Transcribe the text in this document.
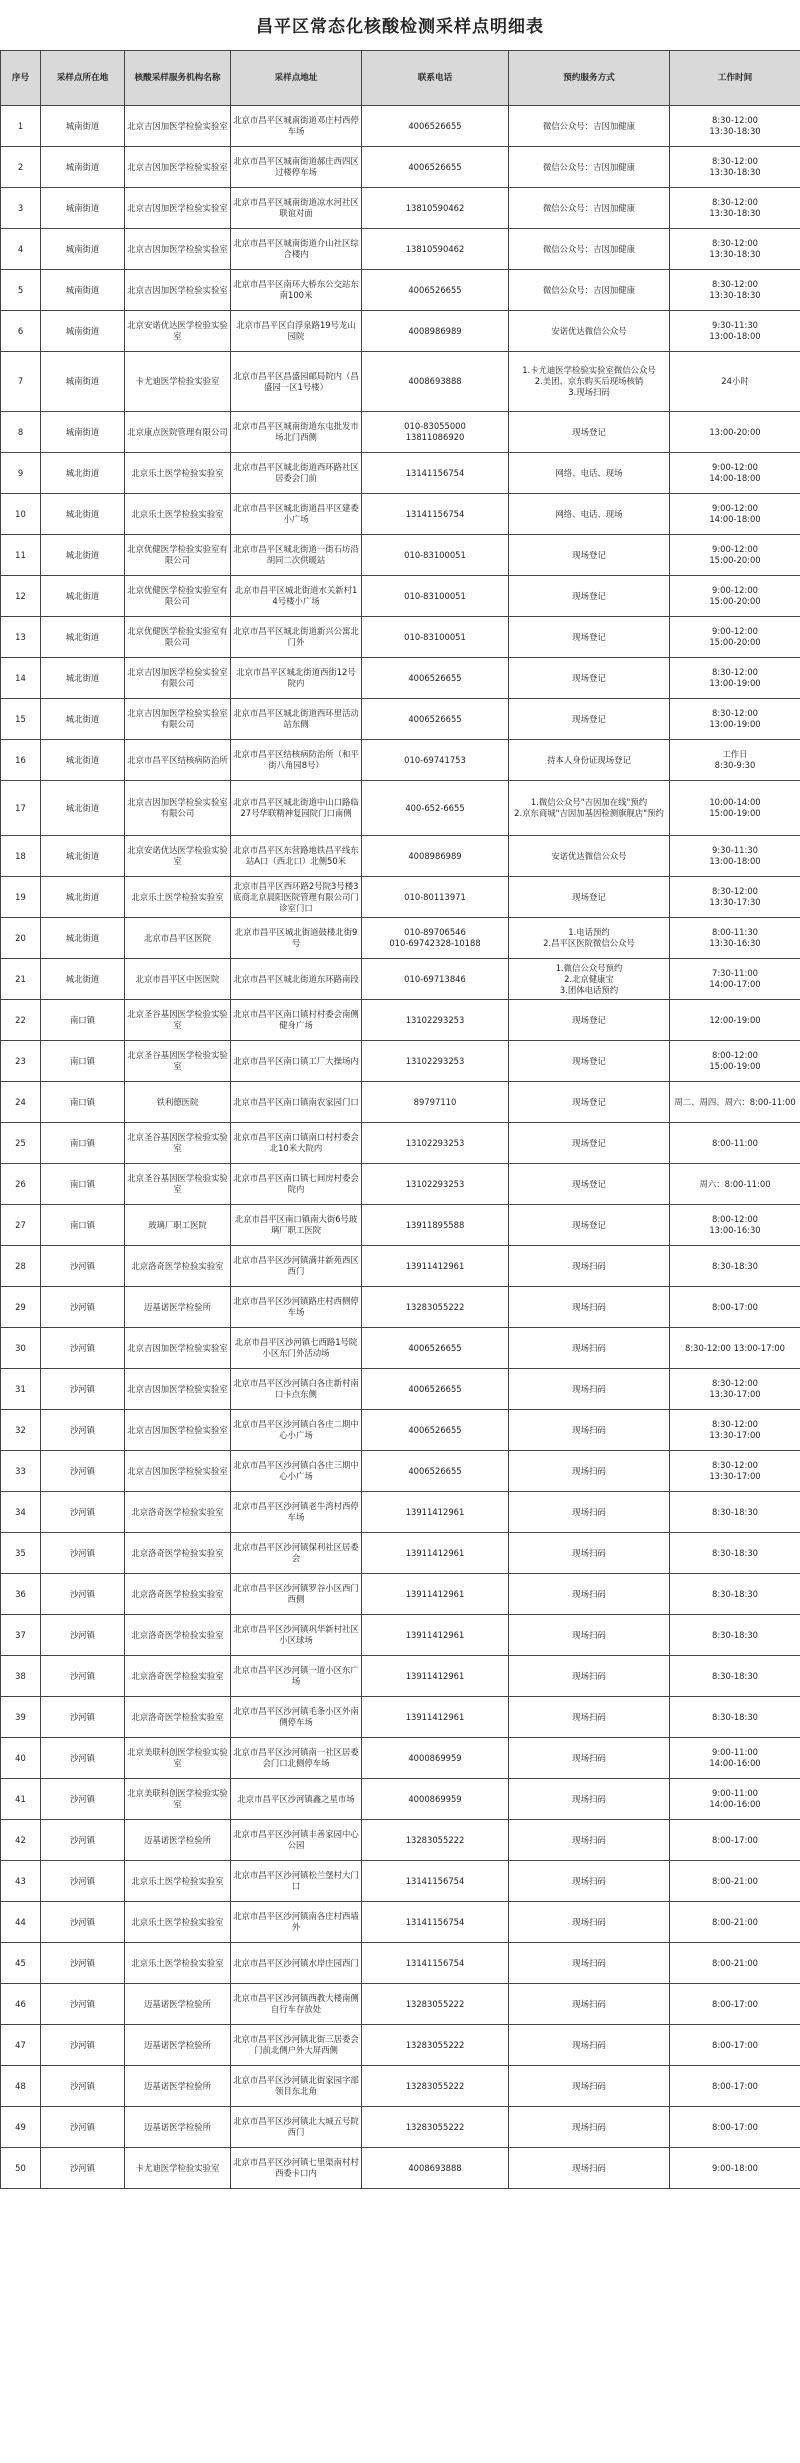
昌平区常态化核酸检测采样点明细表
序号	采样点所在地	核酸采样服务机构名称	采样点地址	联系电话	预约服务方式	工作时间
1	城南街道	北京吉因加医学检验实验室	北京市昌平区城南街道邓庄村西停车场	4006526655	微信公众号：吉因加健康	8:30-12:00
13:30-18:30
2	城南街道	北京吉因加医学检验实验室	北京市昌平区城南街道郝庄西四区过楼停车场	4006526655	微信公众号：吉因加健康	8:30-12:00
13:30-18:30
3	城南街道	北京吉因加医学检验实验室	北京市昌平区城南街道凉水河社区联谊对面	13810590462	微信公众号：吉因加健康	8:30-12:00
13:30-18:30
4	城南街道	北京吉因加医学检验实验室	北京市昌平区城南街道介山社区综合楼内	13810590462	微信公众号：吉因加健康	8:30-12:00
13:30-18:30
5	城南街道	北京吉因加医学检验实验室	北京市昌平区南环大桥东公交站东南100米	4006526655	微信公众号：吉因加健康	8:30-12:00
13:30-18:30
6	城南街道	北京安诺优达医学检验实验室	北京市昌平区白浮泉路19号龙山园院	4008986989	安诺优达微信公众号	9:30-11:30
13:00-18:00
7	城南街道	卡尤迪医学检验实验室	北京市昌平区昌盛园邮局院内（昌盛园一区1号楼）	4008693888	1.卡尤迪医学检验实验室微信公众号
2.美团、京东购买后现场核销
3.现场扫码	24小时
8	城南街道	北京康点医院管理有限公司	北京市昌平区城南街道东屯批发市场北门西侧	010-83055000
13811086920	现场登记	13:00-20:00
9	城北街道	北京乐土医学检验实验室	北京市昌平区城北街道西环路社区居委会门前	13141156754	网络、电话、现场	9:00-12:00
14:00-18:00
10	城北街道	北京乐土医学检验实验室	北京市昌平区城北街道昌平区建委小广场	13141156754	网络、电话、现场	9:00-12:00
14:00-18:00
11	城北街道	北京优健医学检验实验室有限公司	北京市昌平区城北街道一街石坊沿胡同二次供暖站	010-83100051	现场登记	9:00-12:00
15:00-20:00
12	城北街道	北京优健医学检验实验室有限公司	北京市昌平区城北街道水关新村14号楼小广场	010-83100051	现场登记	9:00-12:00
15:00-20:00
13	城北街道	北京优健医学检验实验室有限公司	北京市昌平区城北街道新兴公寓北门外	010-83100051	现场登记	9:00-12:00
15:00-20:00
14	城北街道	北京吉因加医学检验实验室有限公司	北京市昌平区城北街道西街12号院内	4006526655	现场登记	8:30-12:00
13:00-19:00
15	城北街道	北京吉因加医学检验实验室有限公司	北京市昌平区城北街道西环里活动站东侧	4006526655	现场登记	8:30-12:00
13:00-19:00
16	城北街道	北京市昌平区结核病防治所	北京市昌平区结核病防治所（和平街八角园8号）	010-69741753	持本人身份证现场登记	工作日
8:30-9:30
17	城北街道	北京吉因加医学检验实验室有限公司	北京市昌平区城北街道中山口路临27号华联精神复园院门口南侧	400-652-6655	1.微信公众号"吉因加在线"预约
2.京东商城"吉因加基因检测旗舰店"预约	10:00-14:00
15:00-19:00
18	城北街道	北京安诺优达医学检验实验室	北京市昌平区东营路地铁昌平线东站A口（西北口）北侧50米	4008986989	安诺优达微信公众号	9:30-11:30
13:00-18:00
19	城北街道	北京乐土医学检验实验室	北京市昌平区西环路2号院3号楼3底商北京晨阳医院管理有限公司门诊室门口	010-80113971	现场登记	8:30-12:00
13:30-17:30
20	城北街道	北京市昌平区医院	北京市昌平区城北街道鼓楼北街9号	010-89706546
010-69742328-10188	1.电话预约
2.昌平区医院微信公众号	8:00-11:30
13:30-16:30
21	城北街道	北京市昌平区中医医院	北京市昌平区城北街道东环路南段	010-69713846	1.微信公众号预约
2.北京健康宝
3.团体电话预约	7:30-11:00
14:00-17:00
22	南口镇	北京圣谷基因医学检验实验室	北京市昌平区南口镇村村委会南侧健身广场	13102293253	现场登记	12:00-19:00
23	南口镇	北京圣谷基因医学检验实验室	北京市昌平区南口镇工厂大操场内	13102293253	现场登记	8:00-12:00
15:00-19:00
24	南口镇	铁利德医院	北京市昌平区南口镇南农家园门口	89797110	现场登记	周二、周四、周六：8:00-11:00
25	南口镇	北京圣谷基因医学检验实验室	北京市昌平区南口镇南口村村委会北10米大院内	13102293253	现场登记	8:00-11:00
26	南口镇	北京圣谷基因医学检验实验室	北京市昌平区南口镇七间房村委会院内	13102293253	现场登记	周六：8:00-11:00
27	南口镇	玻璃厂职工医院	北京市昌平区南口镇南大街6号玻璃厂职工医院	13911895588	现场登记	8:00-12:00
13:00-16:30
28	沙河镇	北京洛奇医学检验实验室	北京市昌平区沙河镇满井新苑西区西门	13911412961	现场扫码	8:30-18:30
29	沙河镇	迈基诺医学检验所	北京市昌平区沙河镇路庄村西侧停车场	13283055222	现场扫码	8:00-17:00
30	沙河镇	北京吉因加医学检验实验室	北京市昌平区沙河镇七西路1号院小区东门外活动场	4006526655	现场扫码	8:30-12:00 13:00-17:00
31	沙河镇	北京吉因加医学检验实验室	北京市昌平区沙河镇白各庄新村南口卡点东侧	4006526655	现场扫码	8:30-12:00
13:30-17:00
32	沙河镇	北京吉因加医学检验实验室	北京市昌平区沙河镇白各庄二期中心小广场	4006526655	现场扫码	8:30-12:00
13:30-17:00
33	沙河镇	北京吉因加医学检验实验室	北京市昌平区沙河镇白各庄三期中心小广场	4006526655	现场扫码	8:30-12:00
13:30-17:00
34	沙河镇	北京洛奇医学检验实验室	北京市昌平区沙河镇老牛湾村西停车场	13911412961	现场扫码	8:30-18:30
35	沙河镇	北京洛奇医学检验实验室	北京市昌平区沙河镇保利社区居委会	13911412961	现场扫码	8:30-18:30
36	沙河镇	北京洛奇医学检验实验室	北京市昌平区沙河镇罗谷小区西门西侧	13911412961	现场扫码	8:30-18:30
37	沙河镇	北京洛奇医学检验实验室	北京市昌平区沙河镇巩华新村社区小区球场	13911412961	现场扫码	8:30-18:30
38	沙河镇	北京洛奇医学检验实验室	北京市昌平区沙河镇一道小区东广场	13911412961	现场扫码	8:30-18:30
39	沙河镇	北京洛奇医学检验实验室	北京市昌平区沙河镇毛条小区外南侧停车场	13911412961	现场扫码	8:30-18:30
40	沙河镇	北京美联科创医学检验实验室	北京市昌平区沙河镇南一社区居委会门口北侧停车场	4000869959	现场扫码	9:00-11:00
14:00-16:00
41	沙河镇	北京美联科创医学检验实验室	北京市昌平区沙河镇鑫之星市场	4000869959	现场扫码	9:00-11:00
14:00-16:00
42	沙河镇	迈基诺医学检验所	北京市昌平区沙河镇丰善家园中心公园	13283055222	现场扫码	8:00-17:00
43	沙河镇	北京乐土医学检验实验室	北京市昌平区沙河镇松兰堡村大门口	13141156754	现场扫码	8:00-21:00
44	沙河镇	北京乐土医学检验实验室	北京市昌平区沙河镇南各庄村西墙外	13141156754	现场扫码	8:00-21:00
45	沙河镇	北京乐土医学检验实验室	北京市昌平区沙河镇水岸庄园西门	13141156754	现场扫码	8:00-21:00
46	沙河镇	迈基诺医学检验所	北京市昌平区沙河镇西教大楼南侧自行车存放处	13283055222	现场扫码	8:00-17:00
47	沙河镇	迈基诺医学检验所	北京市昌平区沙河镇北街三居委会门前北侧户外大屏西侧	13283055222	现场扫码	8:00-17:00
48	沙河镇	迈基诺医学检验所	北京市昌平区沙河镇北街家园字部领目东北角	13283055222	现场扫码	8:00-17:00
49	沙河镇	迈基诺医学检验所	北京市昌平区沙河镇北大城五号院西门	13283055222	现场扫码	8:00-17:00
50	沙河镇	卡尤迪医学检验实验室	北京市昌平区沙河镇七里渠南村村西委卡口内	4008693888	现场扫码	9:00-18:00
